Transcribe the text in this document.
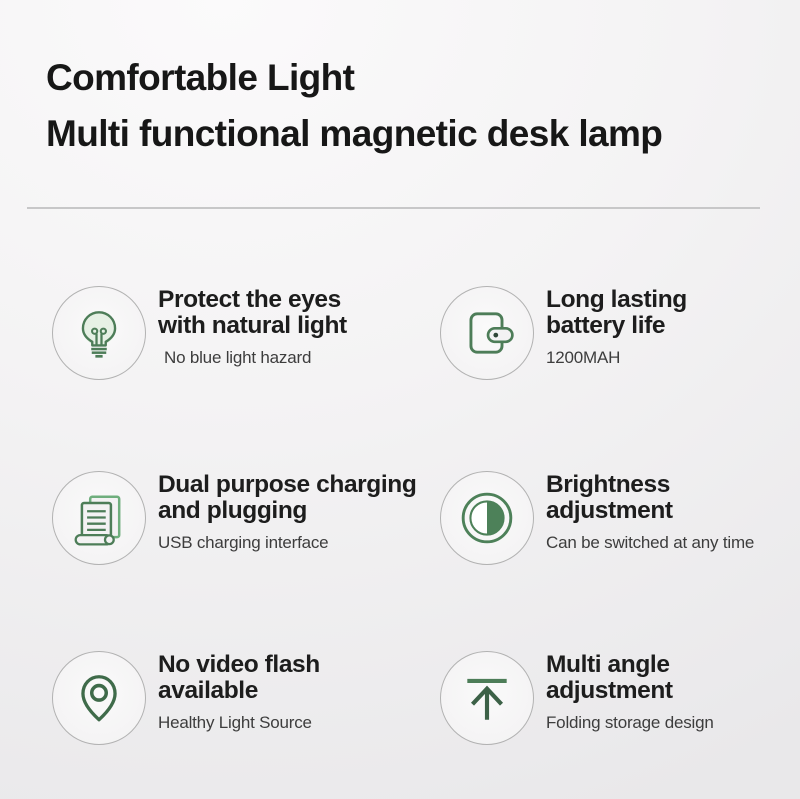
Comfortable Light
Multi functional magnetic desk lamp
Protect the eyes
with natural light
No blue light hazard
Long lasting
battery life
1200MAH
Dual purpose charging
and plugging
USB charging interface
Brightness
adjustment
Can be switched at any time
No video flash
available
Healthy Light Source
Multi angle
adjustment
Folding storage design
